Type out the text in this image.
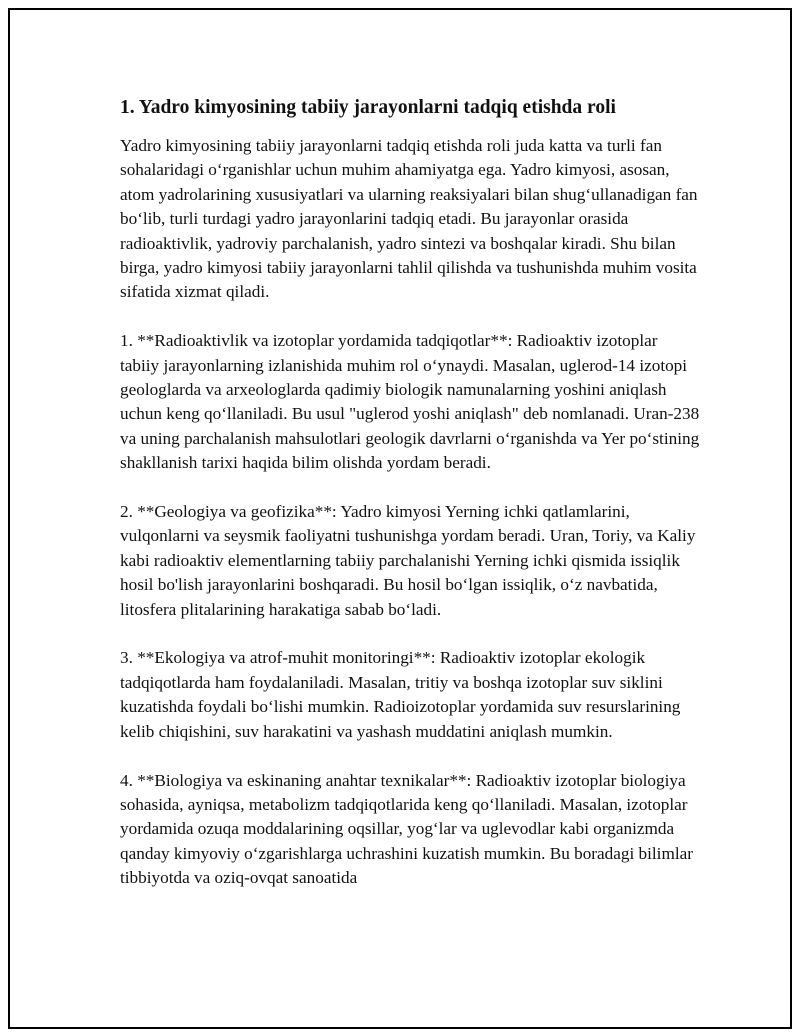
1. Yadro kimyosining tabiiy jarayonlarni tadqiq etishda roli

Yadro kimyosining tabiiy jarayonlarni tadqiq etishda roli juda katta va turli fan sohalaridagi o‘rganishlar uchun muhim ahamiyatga ega. Yadro kimyosi, asosan, atom yadrolarining xususiyatlari va ularning reaksiyalari bilan shug‘ullanadigan fan bo‘lib, turli turdagi yadro jarayonlarini tadqiq etadi. Bu jarayonlar orasida radioaktivlik, yadroviy parchalanish, yadro sintezi va boshqalar kiradi. Shu bilan birga, yadro kimyosi tabiiy jarayonlarni tahlil qilishda va tushunishda muhim vosita sifatida xizmat qiladi.

1. **Radioaktivlik va izotoplar yordamida tadqiqotlar**: Radioaktiv izotoplar tabiiy jarayonlarning izlanishida muhim rol o‘ynaydi. Masalan, uglerod-14 izotopi geologlarda va arxeologlarda qadimiy biologik namunalarning yoshini aniqlash uchun keng qo‘llaniladi. Bu usul "uglerod yoshi aniqlash" deb nomlanadi. Uran-238 va uning parchalanish mahsulotlari geologik davrlarni o‘rganishda va Yer po‘stining shakllanish tarixi haqida bilim olishda yordam beradi.

2. **Geologiya va geofizika**: Yadro kimyosi Yerning ichki qatlamlarini, vulqonlarni va seysmik faoliyatni tushunishga yordam beradi. Uran, Toriy, va Kaliy kabi radioaktiv elementlarning tabiiy parchalanishi Yerning ichki qismida issiqlik hosil bo'lish jarayonlarini boshqaradi. Bu hosil bo‘lgan issiqlik, o‘z navbatida, litosfera plitalarining harakatiga sabab bo‘ladi.

3. **Ekologiya va atrof-muhit monitoringi**: Radioaktiv izotoplar ekologik tadqiqotlarda ham foydalaniladi. Masalan, tritiy va boshqa izotoplar suv siklini kuzatishda foydali bo‘lishi mumkin. Radioizotoplar yordamida suv resurslarining kelib chiqishini, suv harakatini va yashash muddatini aniqlash mumkin.

4. **Biologiya va eskinaning anahtar texnikalar**: Radioaktiv izotoplar biologiya sohasida, ayniqsa, metabolizm tadqiqotlarida keng qo‘llaniladi. Masalan, izotoplar yordamida ozuqa moddalarining oqsillar, yog‘lar va uglevodlar kabi organizmda qanday kimyoviy o‘zgarishlarga uchrashini kuzatish mumkin. Bu boradagi bilimlar tibbiyotda va oziq-ovqat sanoatida
